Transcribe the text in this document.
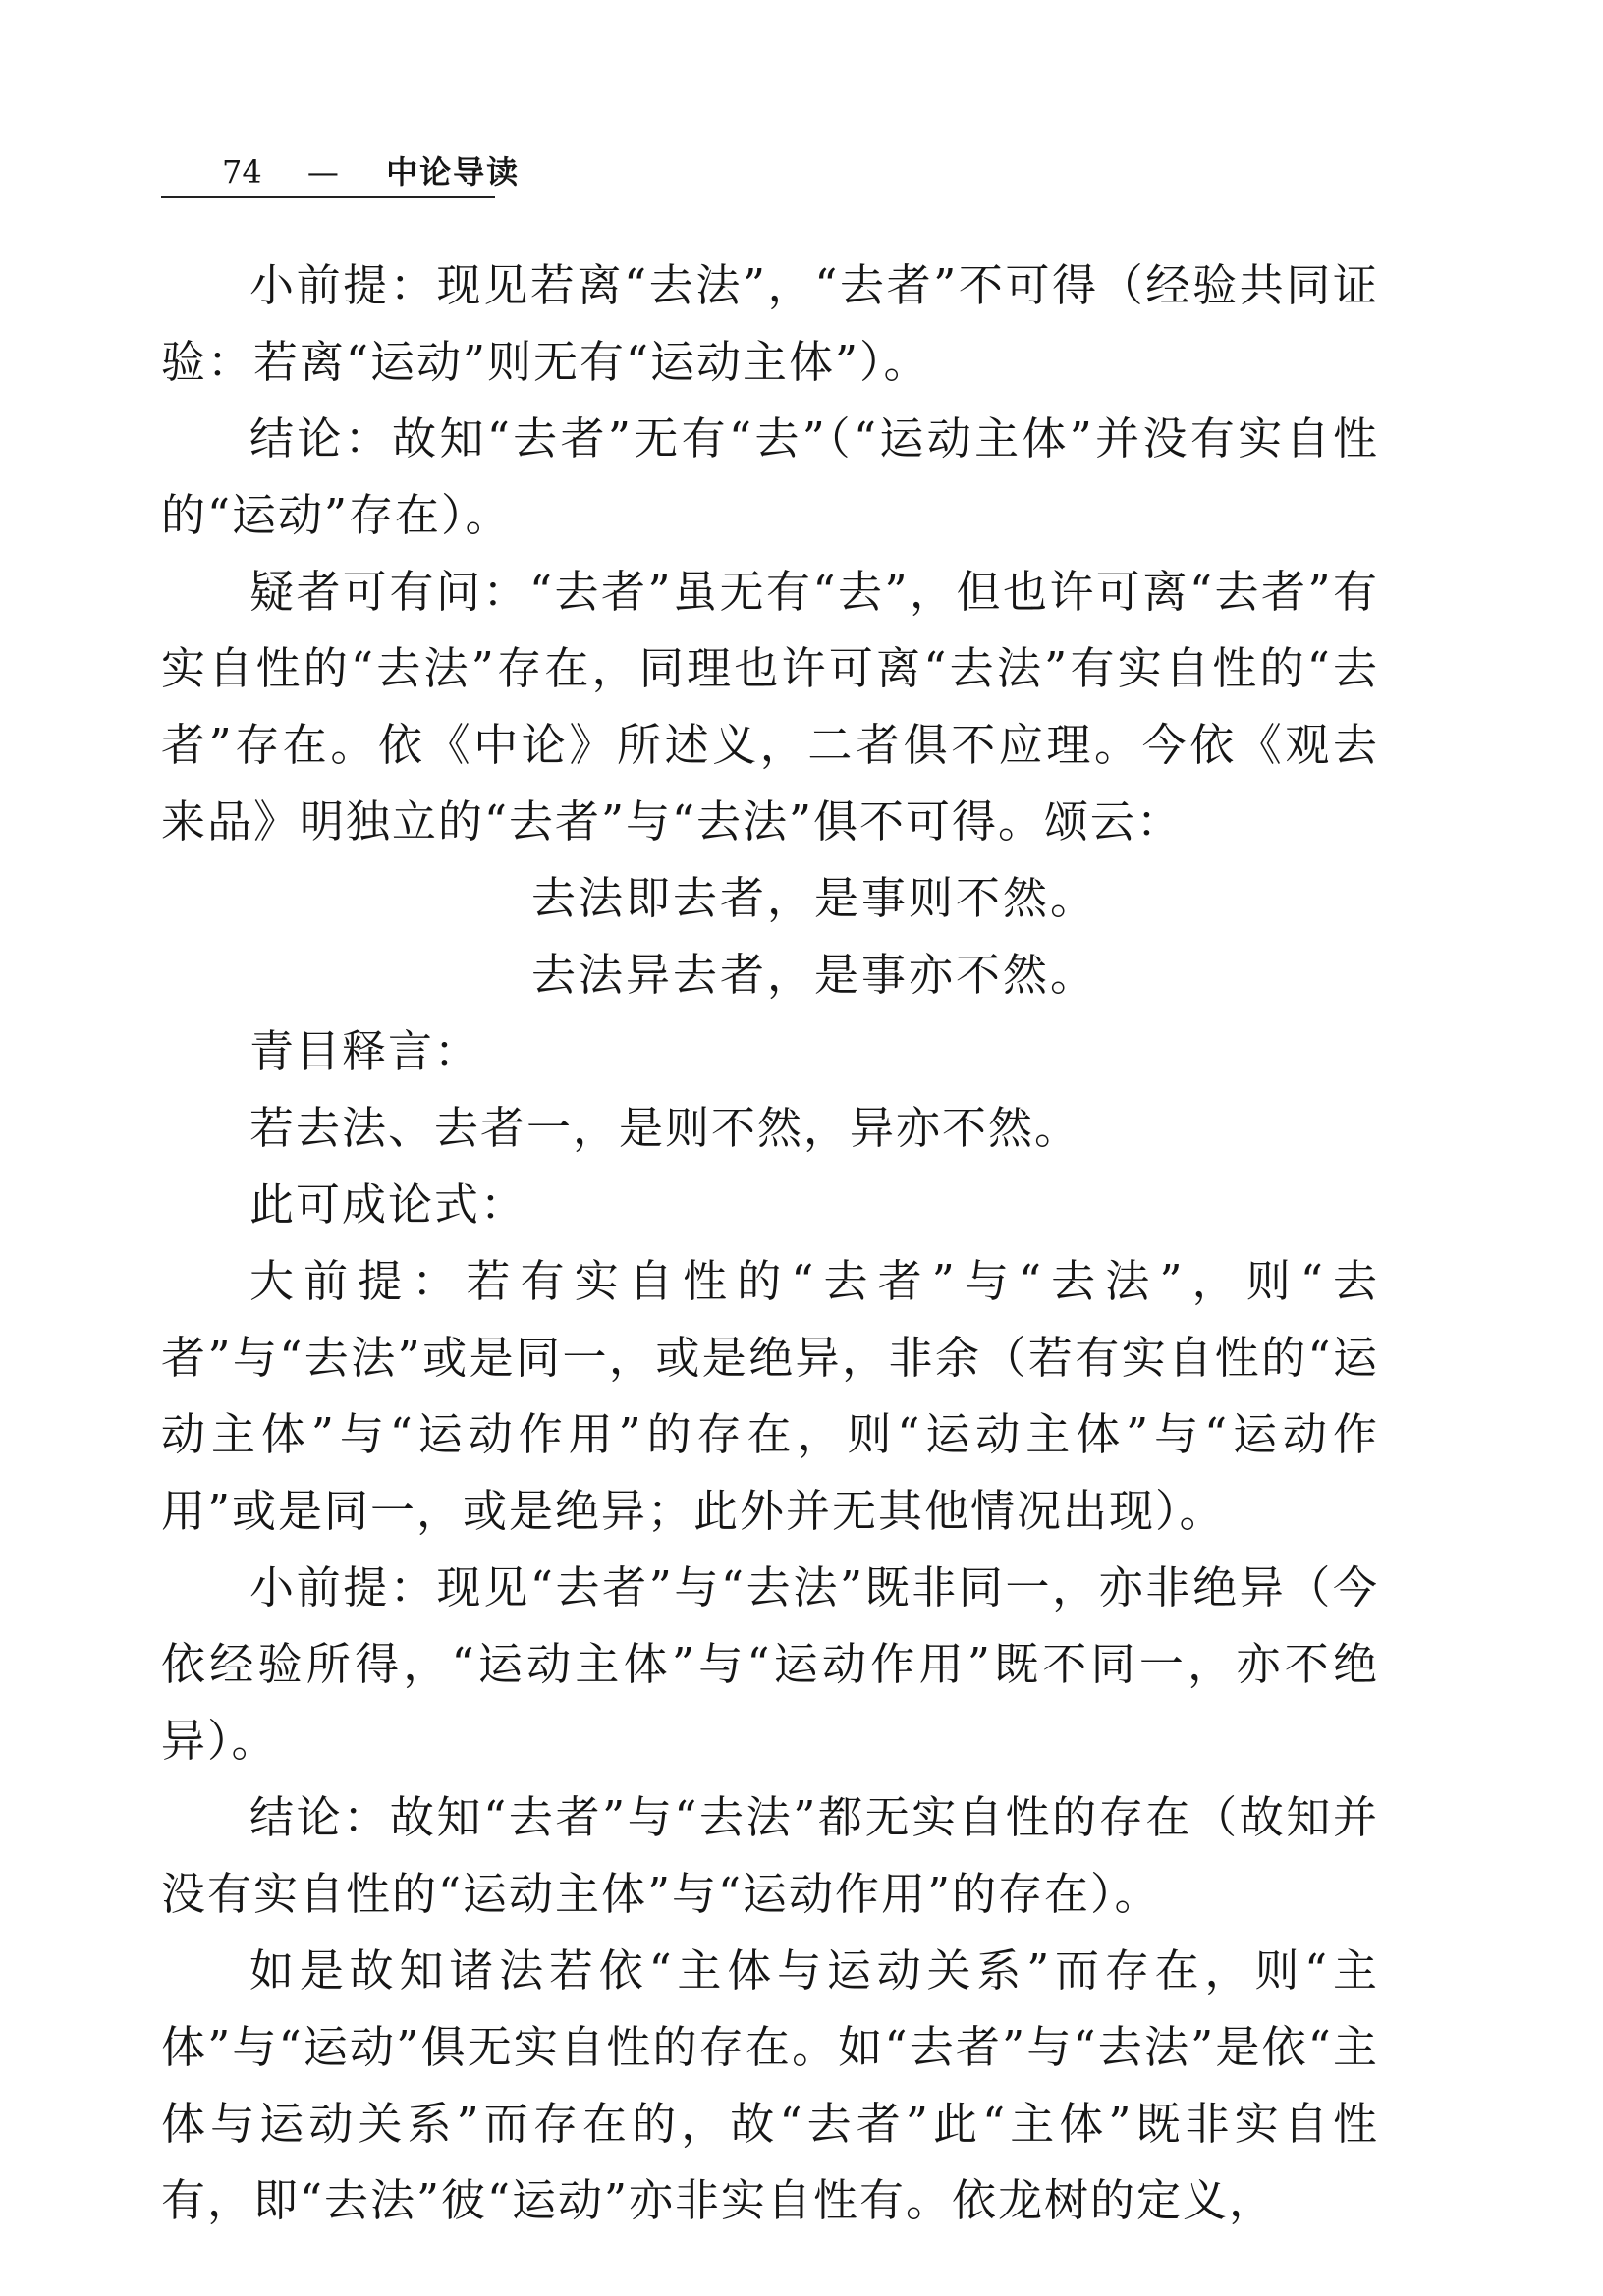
74 — 中论导读

小前提：现见若离“去法”，“去者”不可得（经验共同证验：若离“运动”则无有“运动主体”）。

结论：故知“去者”无有“去”（“运动主体”并没有实自性的“运动”存在）。

疑者可有问：“去者”虽无有“去”，但也许可离“去者”有实自性的“去法”存在，同理也许可离“去法”有实自性的“去者”存在。依《中论》所述义，二者俱不应理。今依《观去来品》明独立的“去者”与“去法”俱不可得。颂云：

去法即去者，是事则不然。

去法异去者，是事亦不然。

青目释言：

若去法、去者一，是则不然，异亦不然。

此可成论式：

大前提：若有实自性的“去者”与“去法”，则“去者”与“去法”或是同一，或是绝异，非余（若有实自性的“运动主体”与“运动作用”的存在，则“运动主体”与“运动作用”或是同一，或是绝异；此外并无其他情况出现）。

小前提：现见“去者”与“去法”既非同一，亦非绝异（今依经验所得，“运动主体”与“运动作用”既不同一，亦不绝异）。

结论：故知“去者”与“去法”都无实自性的存在（故知并没有实自性的“运动主体”与“运动作用”的存在）。

如是故知诸法若依“主体与运动关系”而存在，则“主体”与“运动”俱无实自性的存在。如“去者”与“去法”是依“主体与运动关系”而存在的，故“去者”此“主体”既非实自性有，即“去法”彼“运动”亦非实自性有。依龙树的定义，
